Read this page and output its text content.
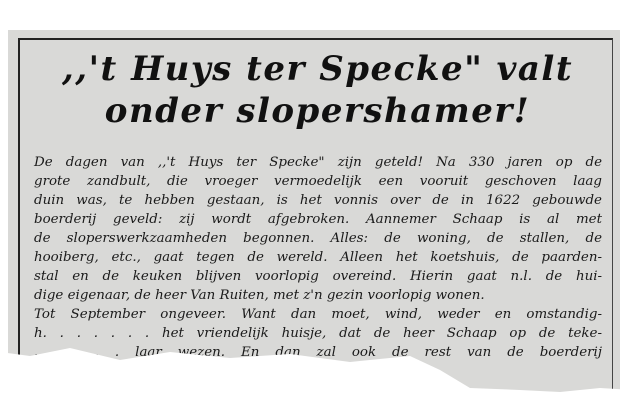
,,'t Huys ter Specke" valt
onder slopershamer!
De dagen van ,,'t Huys ter Specke" zijn geteld! Na 330 jaren op de
grote zandbult, die vroeger vermoedelijk een vooruit geschoven laag
duin was, te hebben gestaan, is het vonnis over de in 1622 gebouwde
boerderij geveld: zij wordt afgebroken. Aannemer Schaap is al met
de sloperswerkzaamheden begonnen. Alles: de woning, de stallen, de
hooiberg, etc., gaat tegen de wereld. Alleen het koetshuis, de paarden-
stal en de keuken blijven voorlopig overeind. Hierin gaat n.l. de hui-
dige eigenaar, de heer Van Ruiten, met z'n gezin voorlopig wonen.
Tot September ongeveer. Want dan moet, wind, weder en omstandig-
h. . . . . . . het vriendelijk huisje, dat de heer Schaap op de teke-
. . . . . laar wezen. En dan zal ook de rest van de boerderij
